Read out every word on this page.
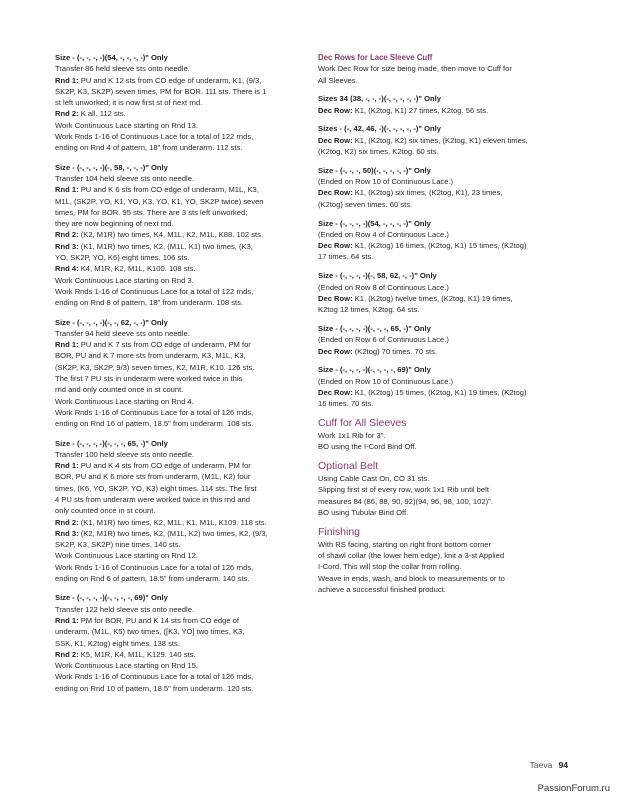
Size - (-, -, -, -)(54, -, -, -, -)" Only
Transfer 86 held sleeve sts onto needle.
Rnd 1: PU and K 12 sts from CO edge of underarm, K1, (9/3,
SK2P, K3, SK2P) seven times, PM for BOR. 111 sts. There is 1
st left unworked; it is now first st of next rnd.
Rnd 2: K all. 112 sts.
Work Continuous Lace starting on Rnd 13.
Work Rnds 1-16 of Continuous Lace for a total of 122 rnds,
ending on Rnd 4 of pattern, 18" from underarm. 112 sts.
Size - (-, -, -, -)(-, 58, -, -, -)" Only
Transfer 104 held sleeve sts onto needle.
Rnd 1: PU and K 6 sts from CO edge of underarm, M1L, K3,
M1L, (SK2P, YO, K1, YO, K3, YO, K1, YO, SK2P twice) seven
times, PM for BOR. 95 sts. There are 3 sts left unworked;
they are now beginning of next rnd.
Rnd 2: (K2, M1R) two times, K4, M1L, K2, M1L, K88. 102 sts.
Rnd 3: (K1, M1R) two times, K2, (M1L, K1) two times, (K3,
YO, SK2P, YO, K6) eight times. 106 sts.
Rnd 4: K4, M1R, K2, M1L, K100. 108 sts.
Work Continuous Lace starting on Rnd 3.
Work Rnds 1-16 of Continuous Lace for a total of 122 rnds,
ending on Rnd 8 of pattern, 18" from underarm. 108 sts.
Size - (-, -, -, -)(-, -, 62, -, -)" Only
Transfer 94 held sleeve sts onto needle.
Rnd 1: PU and K 7 sts from CO edge of underarm, PM for
BOR, PU and K 7 more sts from underarm, K3, M1L, K3,
(SK2P, K3, SK2P, 9/3) seven times, K2, M1R, K10. 126 sts.
The first 7 PU sts in underarm were worked twice in this
rnd and only counted once in st count.
Work Continuous Lace starting on Rnd 4.
Work Rnds 1-16 of Continuous Lace for a total of 126 rnds,
ending on Rnd 16 of pattern, 18.5" from underarm. 108 sts.
Size - (-, -, -, -)(-, -, -, 65, -)" Only
Transfer 100 held sleeve sts onto needle.
Rnd 1: PU and K 4 sts from CO edge of underarm, PM for
BOR, PU and K 6 more sts from underarm, (M1L, K2) four
times, (K6, YO, SK2P, YO, K3) eight times. 114 sts. The first
4 PU sts from underarm were worked twice in this rnd and
only counted once in st count.
Rnd 2: (K1, M1R) two times, K2, M1L, K1, M1L, K109. 118 sts.
Rnd 3: (K2, M1R) two times, K2, (M1L, K2) two times, K2, (9/3,
SK2P, K3, SK2P) nine times. 140 sts.
Work Continuous Lace starting on Rnd 12.
Work Rnds 1-16 of Continuous Lace for a total of 126 rnds,
ending on Rnd 6 of pattern, 18.5" from underarm. 140 sts.
Size - (-, -, -, -)(-, -, -, -, 69)" Only
Transfer 122 held sleeve sts onto needle.
Rnd 1: PM for BOR, PU and K 14 sts from CO edge of
underarm, (M1L, K5) two times, ([K3, YO] two times, K3,
SSK, K1, K2tog) eight times. 138 sts.
Rnd 2: K5, M1R, K4, M1L, K129. 140 sts.
Work Continuous Lace starting on Rnd 15.
Work Rnds 1-16 of Continuous Lace for a total of 126 rnds,
ending on Rnd 10 of pattern, 18.5" from underarm. 120 sts.
Dec Rows for Lace Sleeve Cuff
Work Dec Row for size being made, then move to Cuff for
All Sleeves.
Sizes 34 (38, -, -, -)(-, -, -, -, -)" Only
Dec Row: K1, (K2tog, K1) 27 times, K2tog. 56 sts.
Sizes - (-, 42, 46, -)(-, -, -, -, -)" Only
Dec Row: K1, (K2tog, K2) six times, (K2tog, K1) eleven times,
(K2tog, K2) six times, K2tog. 60 sts.
Size - (-, -, -, 50)(-, -, -, -, -)" Only
(Ended on Row 10 of Continuous Lace.)
Dec Row: K1, (K2tog) six times, (K2tog, K1), 23 times,
(K2tog) seven times. 60 sts.
Size - (-, -, -, -)(54, -, -, -, -)" Only
(Ended on Row 4 of Continuous Lace.)
Dec Row: K1, (K2tog) 16 times, (K2tog, K1) 15 times, (K2tog)
17 times. 64 sts.
Size - (-, -, -, -)(-, 58, 62, -, -)" Only
(Ended on Row 8 of Continuous Lace.)
Dec Row: K1, (K2tog) twelve times, (K2tog, K1) 19 times,
K2tog 12 times, K2tog. 64 sts.
Size - (-, -, -, -)(-, -, -, 65, -)" Only
(Ended on Row 6 of Continuous Lace.)
Dec Row: (K2tog) 70 times. 70 sts.
Size - (-, -, -, -)(-, -, -, -, 69)" Only
(Ended on Row 10 of Continuous Lace.)
Dec Row: K1, (K2tog) 15 times, (K2tog, K1) 19 times, (K2tog)
16 times. 70 sts.
Cuff for All Sleeves
Work 1x1 Rib for 3".
BO using the I-Cord Bind Off.
Optional Belt
Using Cable Cast On, CO 31 sts.
Slipping first st of every row, work 1x1 Rib until belt
measures 84 (86, 88, 90, 92)(94, 96, 98, 100, 102)".
BO using Tubular Bind Off.
Finishing
With RS facing, starting on right front bottom corner
of shawl collar (the lower hem edge), knit a 3-st Applied
I-Cord. This will stop the collar from rolling.
Weave in ends, wash, and block to measurements or to
achieve a successful finished product.
Taeva 94
PassionForum.ru
